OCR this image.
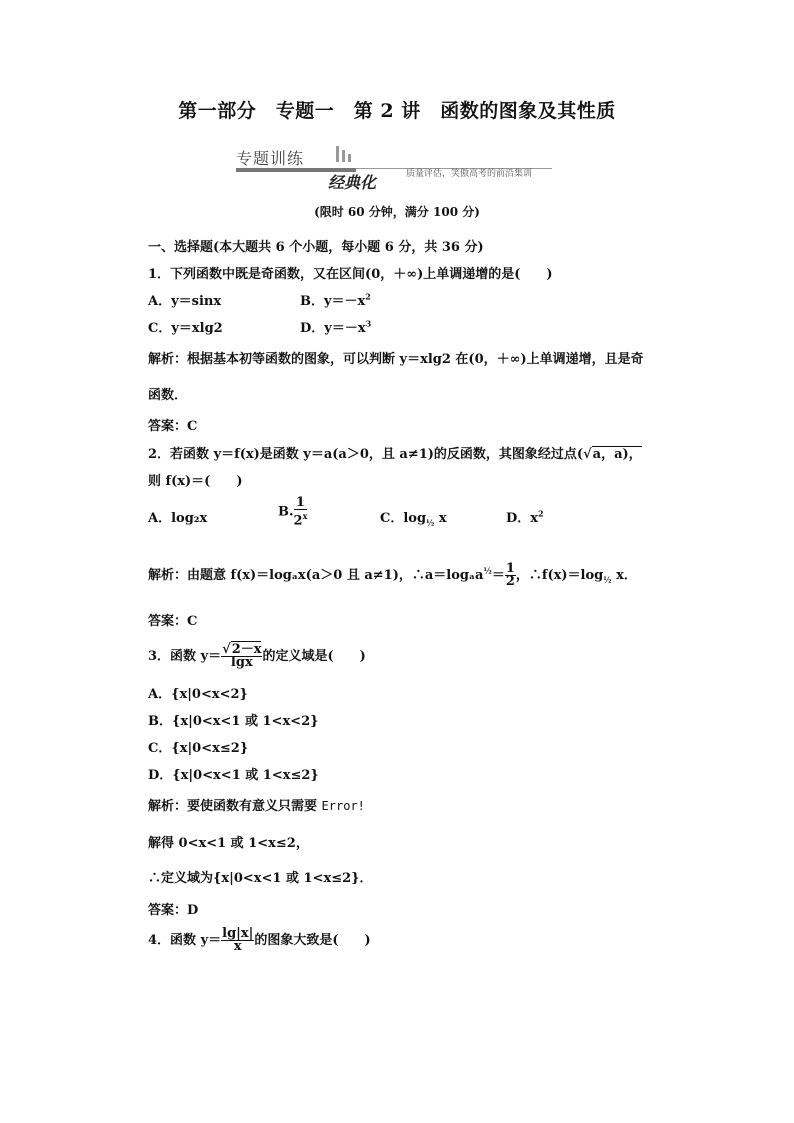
第一部分　专题一　第 2 讲　函数的图象及其性质
专题训练
经典化	质量评估，笑傲高考的前沿集训
(限时 60 分钟，满分 100 分)
一、选择题(本大题共 6 个小题，每小题 6 分，共 36 分)
1．下列函数中既是奇函数，又在区间(0，＋∞)上单调递增的是(　　)
A．y＝sinx	B．$y=-x^2$
C．y＝xlg2	D．$y=-x^3$
解析：根据基本初等函数的图象，可以判断 y＝xlg2 在(0，＋∞)上单调递增，且是奇
函数．
答案：C
2．若函数 y＝f(x)是函数 y＝a(a＞0，且 a≠1)的反函数，其图象经过点(√a，a)，
则 f(x)＝(　　)
A．log₂x	B. $\frac{1}{2^x}$	C．$\log_{\frac{1}{2}} x$	D．$x^2$
解析：由题意 f(x)＝logₐx(a＞0 且 a≠1)，∴a＝logₐa$^{\frac{1}{2}}$＝ $\frac{1}{2}$ ，$\therefore f(x)=\log_{\frac{1}{2}}$ x．
答案：C
3．函数 $y= \frac{√2-x}{\lg x}$ 的定义域是(　　)
A．{x|0<x<2}
B．{x|0<x<1 或 1<x<2}
C．{x|0<x≤2}
D．{x|0<x<1 或 1<x≤2}
解析：要使函数有意义只需要 Error!
解得 0<x<1 或 1<x≤2，
∴定义域为{x|0<x<1 或 1<x≤2}．
答案：D
4．函数 $y= \frac{\lg|x|}{x}$ 的图象大致是(　　)
